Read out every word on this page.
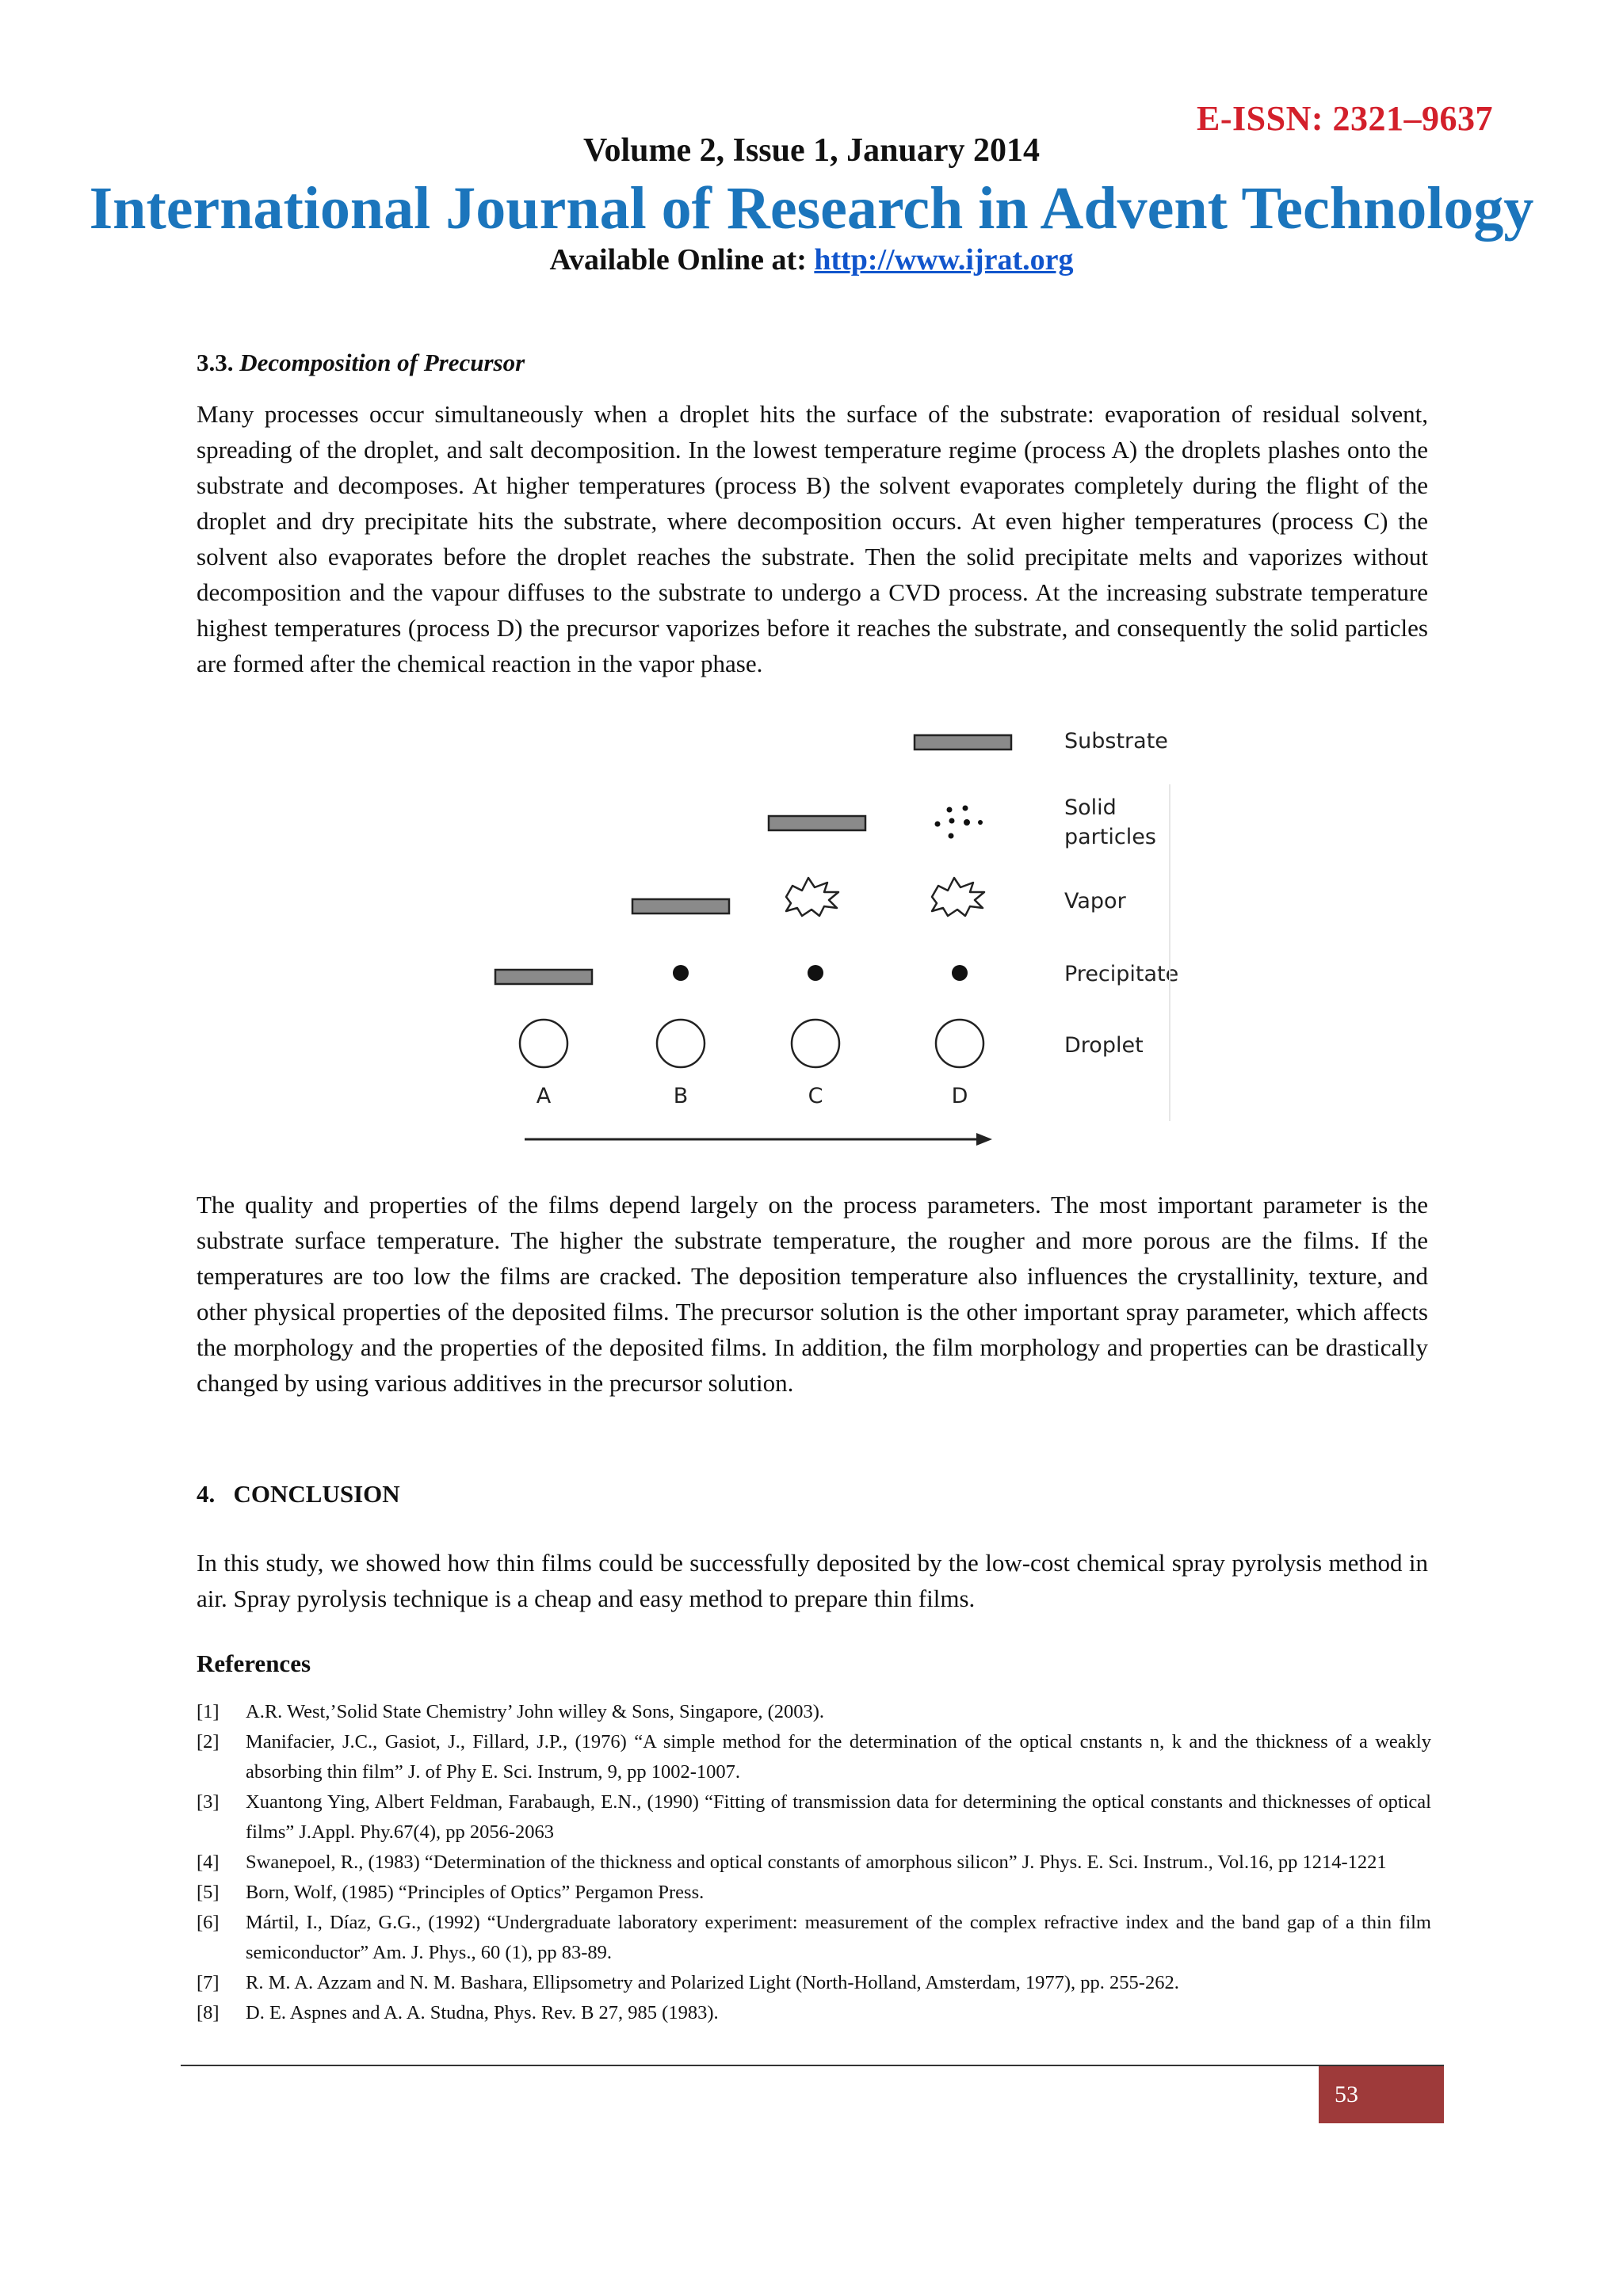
E-ISSN: 2321–9637
Volume 2, Issue 1, January 2014
International Journal of Research in Advent Technology
Available Online at: http://www.ijrat.org
3.3. Decomposition of Precursor
Many processes occur simultaneously when a droplet hits the surface of the substrate: evaporation of residual solvent, spreading of the droplet, and salt decomposition. In the lowest temperature regime (process A) the droplets plashes onto the substrate and decomposes. At higher temperatures (process B) the solvent evaporates completely during the flight of the droplet and dry precipitate hits the substrate, where decomposition occurs. At even higher temperatures (process C) the solvent also evaporates before the droplet reaches the substrate. Then the solid precipitate melts and vaporizes without decomposition and the vapour diffuses to the substrate to undergo a CVD process. At the increasing substrate temperature highest temperatures (process D) the precursor vaporizes before it reaches the substrate, and consequently the solid particles are formed after the chemical reaction in the vapor phase.
A	B	C	D
Substrate
Solid
particles
Vapor
Precipitate
Droplet
The quality and properties of the films depend largely on the process parameters. The most important parameter is the substrate surface temperature. The higher the substrate temperature, the rougher and more porous are the films. If the temperatures are too low the films are cracked. The deposition temperature also influences the crystallinity, texture, and other physical properties of the deposited films. The precursor solution is the other important spray parameter, which affects the morphology and the properties of the deposited films. In addition, the film morphology and properties can be drastically changed by using various additives in the precursor solution.
4.   CONCLUSION
In this study, we showed how thin films could be successfully deposited by the low-cost chemical spray pyrolysis method in air. Spray pyrolysis technique is a cheap and easy method to prepare thin films.
References
[1] A.R. West,’Solid State Chemistry’ John willey & Sons, Singapore, (2003).
[2] Manifacier, J.C., Gasiot, J., Fillard, J.P., (1976) “A simple method for the determination of the optical cnstants n, k and the thickness of a weakly absorbing thin film” J. of Phy E. Sci. Instrum, 9, pp 1002-1007.
[3] Xuantong Ying, Albert Feldman, Farabaugh, E.N., (1990) “Fitting of transmission data for determining the optical constants and thicknesses of optical films” J.Appl. Phy.67(4), pp 2056-2063
[4] Swanepoel, R., (1983) “Determination of the thickness and optical constants of amorphous silicon” J. Phys. E. Sci. Instrum., Vol.16, pp 1214-1221
[5] Born, Wolf, (1985) “Principles of Optics” Pergamon Press.
[6] Mártil, I., Díaz, G.G., (1992) “Undergraduate laboratory experiment: measurement of the complex refractive index and the band gap of a thin film semiconductor” Am. J. Phys., 60 (1), pp 83-89.
[7] R. M. A. Azzam and N. M. Bashara, Ellipsometry and Polarized Light (North-Holland, Amsterdam, 1977), pp. 255-262.
[8] D. E. Aspnes and A. A. Studna, Phys. Rev. B 27, 985 (1983).
53
